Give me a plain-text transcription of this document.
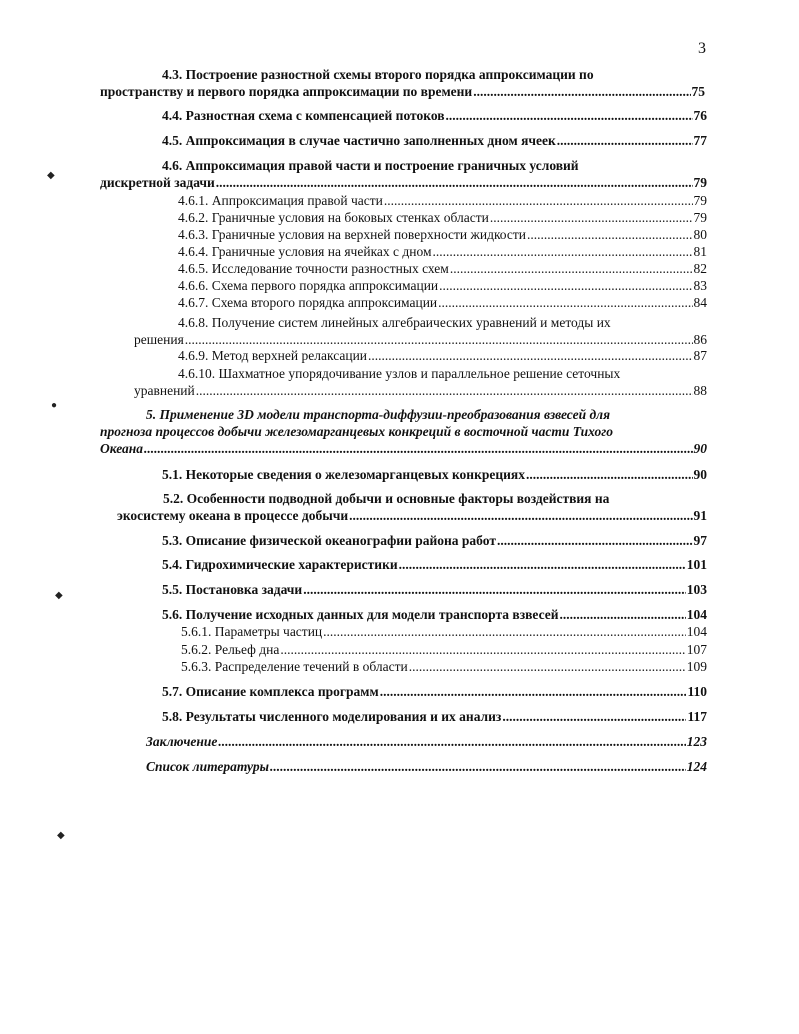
3
4.3. Построение разностной схемы второго порядка аппроксимации по
пространству и первого порядка аппроксимации по времени .....	75
4.4. Разностная схема с компенсацией потоков .....	76
4.5. Аппроксимация в случае частично заполненных дном ячеек .....	77
4.6. Аппроксимация правой части и построение граничных условий
дискретной задачи .....	79
4.6.1. Аппроксимация правой части .....	79
4.6.2. Граничные условия на боковых стенках области .....	79
4.6.3. Граничные условия на верхней поверхности жидкости .....	80
4.6.4. Граничные условия на ячейках с дном .....	81
4.6.5. Исследование точности разностных схем .....	82
4.6.6. Схема первого порядка аппроксимации .....	83
4.6.7. Схема второго порядка аппроксимации .....	84
4.6.8. Получение систем линейных алгебраических уравнений и методы их
решения .....	86
4.6.9. Метод верхней релаксации .....	87
4.6.10. Шахматное упорядочивание узлов и параллельное решение сеточных
уравнений .....	88
5. Применение 3D модели транспорта-диффузии-преобразования взвесей для
прогноза процессов добычи железомарганцевых конкреций в восточной части Тихого
Океана .....	90
5.1. Некоторые сведения о железомарганцевых конкрециях .....	90
5.2. Особенности подводной добычи и основные факторы воздействия на
экосистему океана в процессе добычи .....	91
5.3. Описание физической океанографии района работ .....	97
5.4. Гидрохимические характеристики .....	101
5.5. Постановка задачи .....	103
5.6. Получение исходных данных для модели транспорта взвесей .....	104
5.6.1. Параметры частиц .....	104
5.6.2. Рельеф дна .....	107
5.6.3. Распределение течений в области .....	109
5.7. Описание комплекса программ .....	110
5.8. Результаты численного моделирования и их анализ .....	117
Заключение .....	123
Список литературы .....	124
◆
●
◆
◆
